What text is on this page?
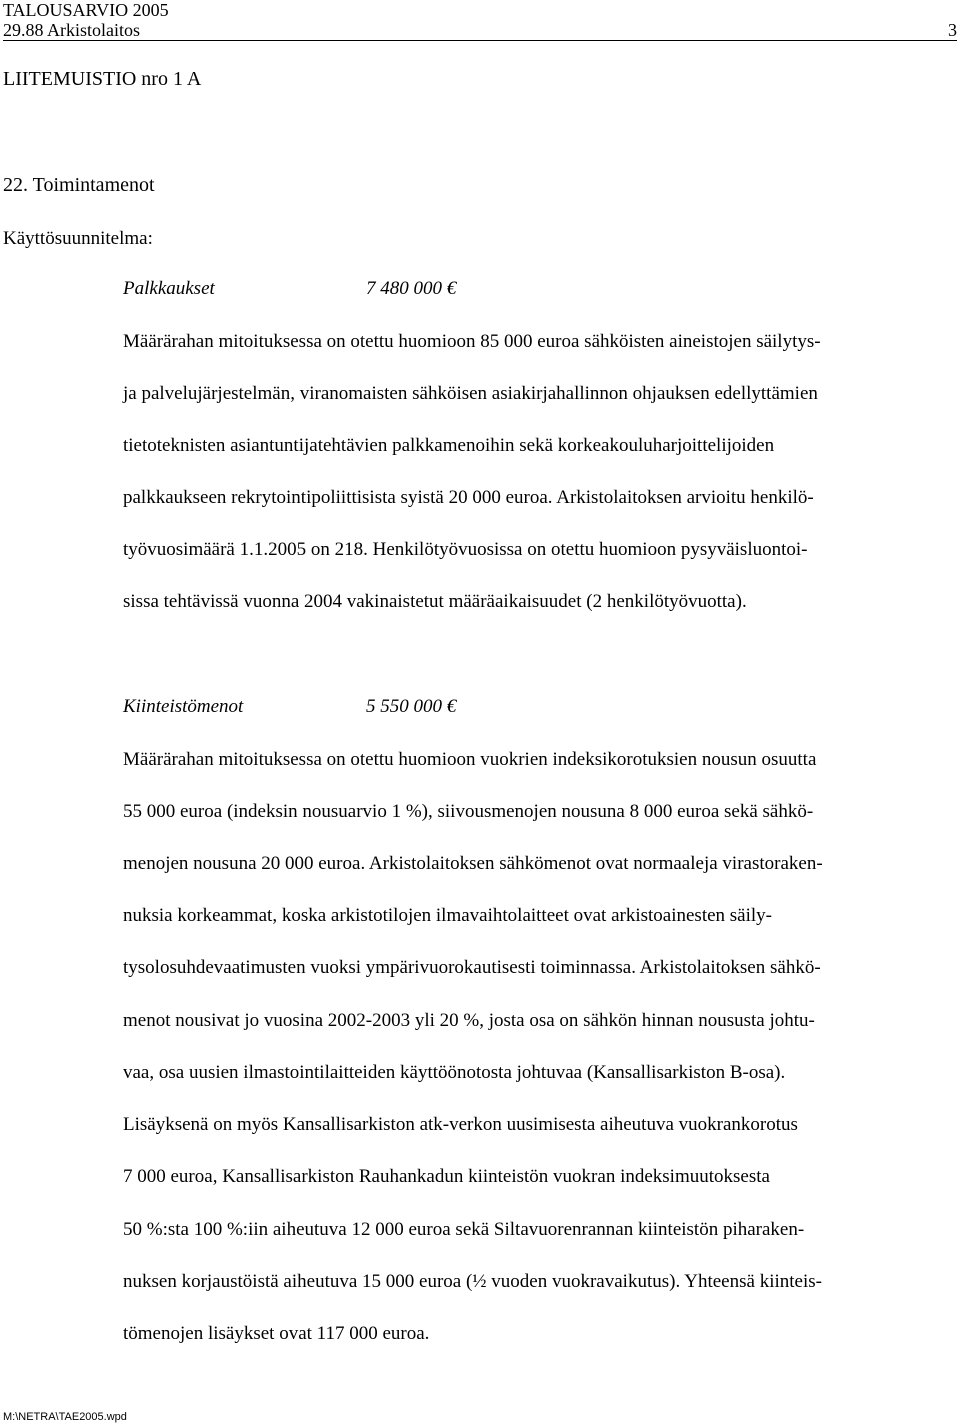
TALOUSARVIO 2005
29.88 Arkistolaitos	3
LIITEMUISTIO nro 1 A
22. Toimintamenot
Käyttösuunnitelma:
Palkkaukset	7 480 000 €
Määrärahan mitoituksessa on otettu huomioon 85 000 euroa sähköisten aineistojen säilytys-
ja palvelujärjestelmän, viranomaisten sähköisen asiakirjahallinnon ohjauksen edellyttämien
tietoteknisten asiantuntijatehtävien palkkamenoihin sekä korkeakouluharjoittelijoiden
palkkaukseen rekrytointipoliittisista syistä 20 000 euroa. Arkistolaitoksen arvioitu henkilö-
työvuosimäärä 1.1.2005 on 218. Henkilötyövuosissa on otettu huomioon pysyväisluontoi-
sissa tehtävissä vuonna 2004 vakinaistetut määräaikaisuudet (2 henkilötyövuotta).
Kiinteistömenot	5 550 000 €
Määrärahan mitoituksessa on otettu huomioon vuokrien indeksikorotuksien nousun osuutta
55 000 euroa (indeksin nousuarvio 1 %), siivousmenojen nousuna 8 000 euroa sekä sähkö-
menojen nousuna 20 000 euroa. Arkistolaitoksen sähkömenot ovat normaaleja virastoraken-
nuksia korkeammat, koska arkistotilojen ilmavaihtolaitteet ovat arkistoainesten säily-
tysolosuhdevaatimusten vuoksi ympärivuorokautisesti toiminnassa. Arkistolaitoksen sähkö-
menot nousivat jo vuosina 2002-2003 yli 20 %, josta osa on sähkön hinnan noususta johtu-
vaa, osa uusien ilmastointilaitteiden käyttöönotosta johtuvaa (Kansallisarkiston B-osa).
Lisäyksenä on myös Kansallisarkiston atk-verkon uusimisesta aiheutuva vuokrankorotus
7 000 euroa, Kansallisarkiston Rauhankadun kiinteistön vuokran indeksimuutoksesta
50 %:sta 100 %:iin aiheutuva 12 000 euroa sekä Siltavuorenrannan kiinteistön piharaken-
nuksen korjaustöistä aiheutuva 15 000 euroa (½ vuoden vuokravaikutus). Yhteensä kiinteis-
tömenojen lisäykset ovat 117 000 euroa.
M:\NETRA\TAE2005.wpd
